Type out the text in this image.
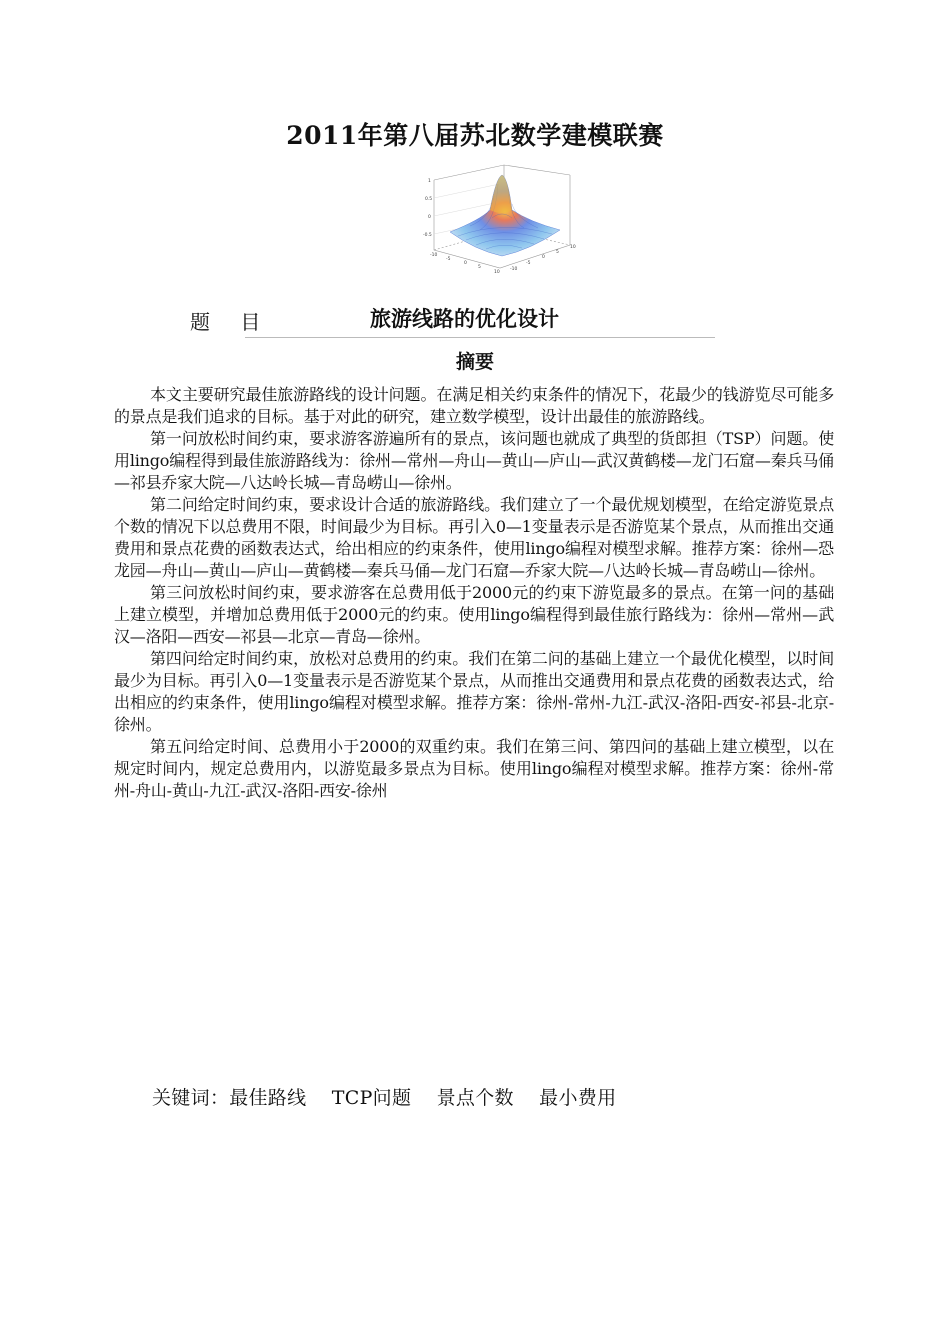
2011年第八届苏北数学建模联赛
1
0.5
0
-0.5
-10
-5
0
5
10
-10
-5
0
5
10
题 目	旅游线路的优化设计
摘要

本文主要研究最佳旅游路线的设计问题。在满足相关约束条件的情况下，花最少的钱游览尽可能多的景点是我们追求的目标。基于对此的研究，建立数学模型，设计出最佳的旅游路线。

第一问放松时间约束，要求游客游遍所有的景点，该问题也就成了典型的货郎担（TSP）问题。使用lingo编程得到最佳旅游路线为：徐州—常州—舟山—黄山—庐山—武汉黄鹤楼—龙门石窟—秦兵马俑—祁县乔家大院—八达岭长城—青岛崂山—徐州。

第二问给定时间约束，要求设计合适的旅游路线。我们建立了一个最优规划模型，在给定游览景点个数的情况下以总费用不限，时间最少为目标。再引入0—1变量表示是否游览某个景点，从而推出交通费用和景点花费的函数表达式，给出相应的约束条件，使用lingo编程对模型求解。推荐方案：徐州—恐龙园—舟山—黄山—庐山—黄鹤楼—秦兵马俑—龙门石窟—乔家大院—八达岭长城—青岛崂山—徐州。

第三问放松时间约束，要求游客在总费用低于2000元的约束下游览最多的景点。在第一问的基础上建立模型，并增加总费用低于2000元的约束。使用lingo编程得到最佳旅行路线为：徐州—常州—武汉—洛阳—西安—祁县—北京—青岛—徐州。

第四问给定时间约束，放松对总费用的约束。我们在第二问的基础上建立一个最优化模型，以时间最少为目标。再引入0—1变量表示是否游览某个景点，从而推出交通费用和景点花费的函数表达式，给出相应的约束条件，使用lingo编程对模型求解。推荐方案：徐州-常州-九江-武汉-洛阳-西安-祁县-北京-徐州。

第五问给定时间、总费用小于2000的双重约束。我们在第三问、第四问的基础上建立模型，以在规定时间内，规定总费用内，以游览最多景点为目标。使用lingo编程对模型求解。推荐方案：徐州-常州-舟山-黄山-九江-武汉-洛阳-西安-徐州

关键词：最佳路线    TCP问题    景点个数    最小费用
